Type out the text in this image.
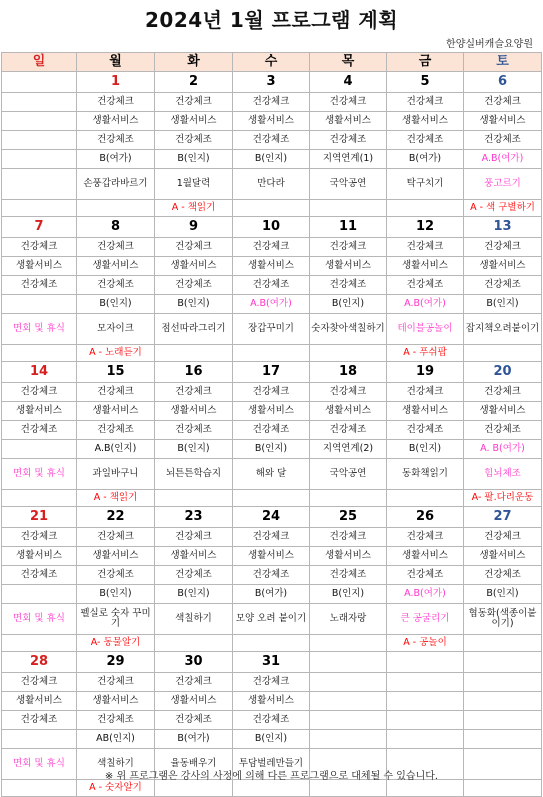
2024년 1월 프로그램 계획
한양실버캐슬요양원
일	월	화	수	목	금	토
	1	2	3	4	5	6
	건강체크	건강체크	건강체크	건강체크	건강체크	건강체크
	생활서비스	생활서비스	생활서비스	생활서비스	생활서비스	생활서비스
	건강체조	건강체조	건강체조	건강체조	건강체조	건강체조
	B(여가)	B(인지)	B(인지)	지역연계(1)	B(여가)	A.B(여가)
	손풍갑라바르기	1월달력	만다라	국악공연	탁구치기	풍고르기
		A - 책읽기				A - 색 구별하기
7	8	9	10	11	12	13
건강체크	건강체크	건강체크	건강체크	건강체크	건강체크	건강체크
생활서비스	생활서비스	생활서비스	생활서비스	생활서비스	생활서비스	생활서비스
건강체조	건강체조	건강체조	건강체조	건강체조	건강체조	건강체조
	B(인지)	B(인지)	A.B(여가)	B(인지)	A.B(여가)	B(인지)
면회 및 휴식	모자이크	점선따라그리기	장갑꾸미기	숫자찾아색칠하기	테이블공놀이	잡지책오려붙이기
	A - 노래듣기				A - 푸쉬팝	
14	15	16	17	18	19	20
건강체크	건강체크	건강체크	건강체크	건강체크	건강체크	건강체크
생활서비스	생활서비스	생활서비스	생활서비스	생활서비스	생활서비스	생활서비스
건강체조	건강체조	건강체조	건강체조	건강체조	건강체조	건강체조
	A.B(인지)	B(인지)	B(인지)	지역연계(2)	B(인지)	A. B(여가)
면회 및 휴식	과일바구니	뇌튼튼학습지	해와 달	국악공연	동화책읽기	힘뇌체조
	A - 책읽기					A- 팔.다리운동
21	22	23	24	25	26	27
건강체크	건강체크	건강체크	건강체크	건강체크	건강체크	건강체크
생활서비스	생활서비스	생활서비스	생활서비스	생활서비스	생활서비스	생활서비스
건강체조	건강체조	건강체조	건강체조	건강체조	건강체조	건강체조
	B(인지)	B(인지)	B(여가)	B(인지)	A.B(여가)	B(인지)
면회 및 휴식	펠실로 숫자 꾸미기	색칠하기	모양 오려 붙이기	노래자랑	큰 공굴리기	협동화(색종이붙이기)
	A- 동물알기				A - 공놀이	
28	29	30	31			
건강체크	건강체크	건강체크	건강체크			
생활서비스	생활서비스	생활서비스	생활서비스			
건강체조	건강체조	건강체조	건강체조			
	AB(인지)	B(여가)	B(인지)			
면회 및 휴식	색칠하기	율동배우기	투담벌레만들기			
	A - 숫자알기					
※ 위 프로그램은 강사의 사정에 의해 다른 프로그램으로 대체될 수 있습니다.
